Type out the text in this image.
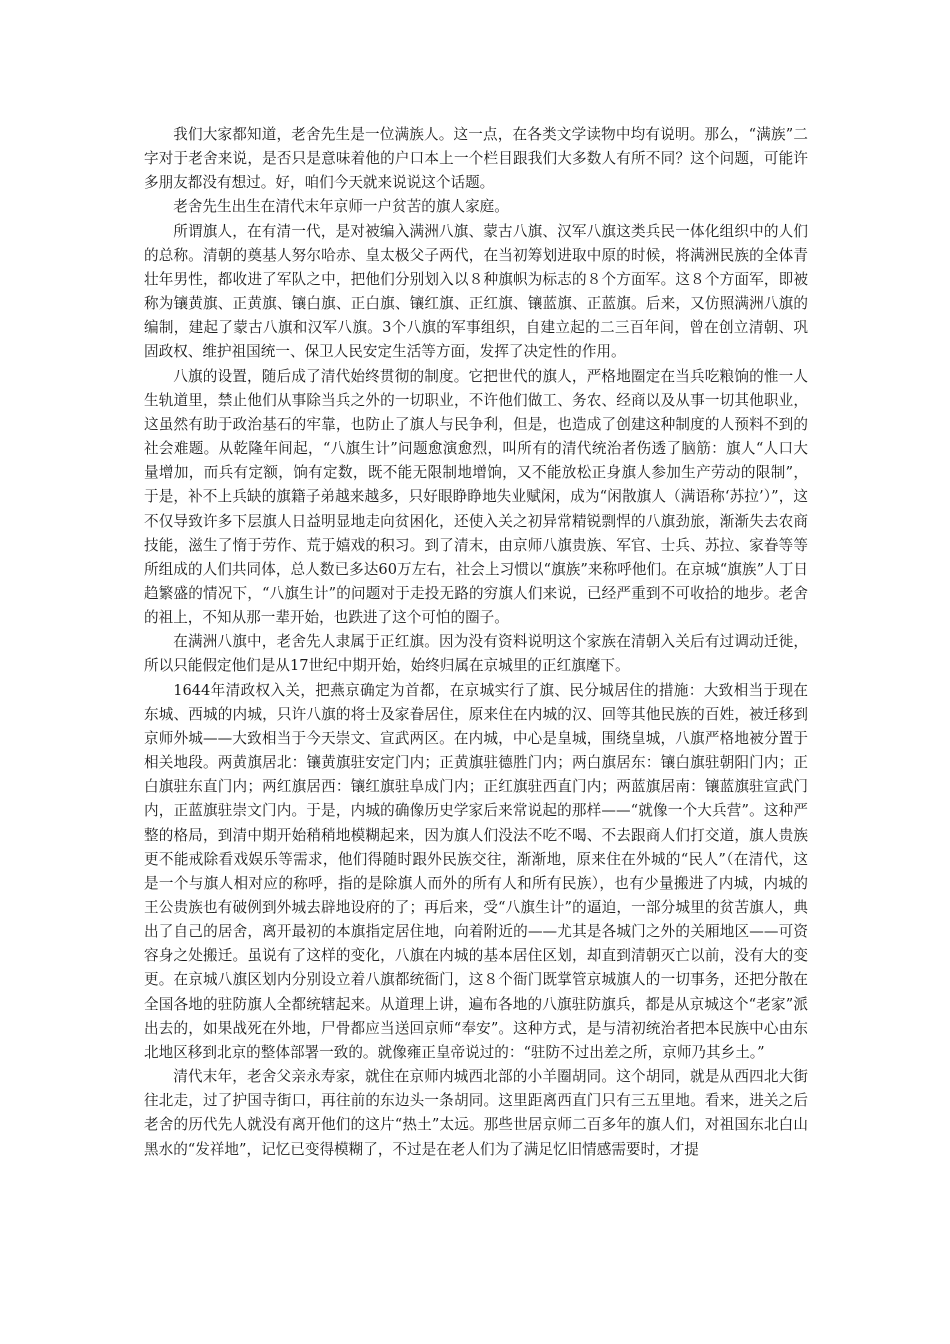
我们大家都知道，老舍先生是一位满族人。这一点，在各类文学读物中均有说明。那么，“满族”二字对于老舍来说，是否只是意味着他的户口本上一个栏目跟我们大多数人有所不同？这个问题，可能许多朋友都没有想过。好，咱们今天就来说说这个话题。

老舍先生出生在清代末年京师一户贫苦的旗人家庭。

所谓旗人，在有清一代，是对被编入满洲八旗、蒙古八旗、汉军八旗这类兵民一体化组织中的人们的总称。清朝的奠基人努尔哈赤、皇太极父子两代，在当初筹划进取中原的时候，将满洲民族的全体青壮年男性，都收进了军队之中，把他们分别划入以８种旗帜为标志的８个方面军。这８个方面军，即被称为镶黄旗、正黄旗、镶白旗、正白旗、镶红旗、正红旗、镶蓝旗、正蓝旗。后来，又仿照满洲八旗的编制，建起了蒙古八旗和汉军八旗。3个八旗的军事组织，自建立起的二三百年间，曾在创立清朝、巩固政权、维护祖国统一、保卫人民安定生活等方面，发挥了决定性的作用。

八旗的设置，随后成了清代始终贯彻的制度。它把世代的旗人，严格地圈定在当兵吃粮饷的惟一人生轨道里，禁止他们从事除当兵之外的一切职业，不许他们做工、务农、经商以及从事一切其他职业，这虽然有助于政治基石的牢靠，也防止了旗人与民争利，但是，也造成了创建这种制度的人预料不到的社会难题。从乾隆年间起，“八旗生计”问题愈演愈烈，叫所有的清代统治者伤透了脑筋：旗人“人口大量增加，而兵有定额，饷有定数，既不能无限制地增饷，又不能放松正身旗人参加生产劳动的限制”，于是，补不上兵缺的旗籍子弟越来越多，只好眼睁睁地失业赋闲，成为“闲散旗人（满语称‘苏拉’）”，这不仅导致许多下层旗人日益明显地走向贫困化，还使入关之初异常精锐剽悍的八旗劲旅，渐渐失去农商技能，滋生了惰于劳作、荒于嬉戏的积习。到了清末，由京师八旗贵族、军官、士兵、苏拉、家眷等等所组成的人们共同体，总人数已多达60万左右，社会上习惯以“旗族”来称呼他们。在京城“旗族”人丁日趋繁盛的情况下，“八旗生计”的问题对于走投无路的穷旗人们来说，已经严重到不可收拾的地步。老舍的祖上，不知从那一辈开始，也跌进了这个可怕的圈子。

在满洲八旗中，老舍先人隶属于正红旗。因为没有资料说明这个家族在清朝入关后有过调动迁徙，所以只能假定他们是从17世纪中期开始，始终归属在京城里的正红旗麾下。

1644年清政权入关，把燕京确定为首都，在京城实行了旗、民分城居住的措施：大致相当于现在东城、西城的内城，只许八旗的将士及家眷居住，原来住在内城的汉、回等其他民族的百姓，被迁移到京师外城——大致相当于今天崇文、宣武两区。在内城，中心是皇城，围绕皇城，八旗严格地被分置于相关地段。两黄旗居北：镶黄旗驻安定门内；正黄旗驻德胜门内；两白旗居东：镶白旗驻朝阳门内；正白旗驻东直门内；两红旗居西：镶红旗驻阜成门内；正红旗驻西直门内；两蓝旗居南：镶蓝旗驻宣武门内，正蓝旗驻崇文门内。于是，内城的确像历史学家后来常说起的那样——“就像一个大兵营”。这种严整的格局，到清中期开始稍稍地模糊起来，因为旗人们没法不吃不喝、不去跟商人们打交道，旗人贵族更不能戒除看戏娱乐等需求，他们得随时跟外民族交往，渐渐地，原来住在外城的“民人”（在清代，这是一个与旗人相对应的称呼，指的是除旗人而外的所有人和所有民族），也有少量搬进了内城，内城的王公贵族也有破例到外城去辟地设府的了；再后来，受“八旗生计”的逼迫，一部分城里的贫苦旗人，典出了自己的居舍，离开最初的本旗指定居住地，向着附近的——尤其是各城门之外的关厢地区——可资容身之处搬迁。虽说有了这样的变化，八旗在内城的基本居住区划，却直到清朝灭亡以前，没有大的变更。在京城八旗区划内分别设立着八旗都统衙门，这８个衙门既掌管京城旗人的一切事务，还把分散在全国各地的驻防旗人全都统辖起来。从道理上讲，遍布各地的八旗驻防旗兵，都是从京城这个“老家”派出去的，如果战死在外地，尸骨都应当送回京师“奉安”。这种方式，是与清初统治者把本民族中心由东北地区移到北京的整体部署一致的。就像雍正皇帝说过的：“驻防不过出差之所，京师乃其乡土。”

清代末年，老舍父亲永寿家，就住在京师内城西北部的小羊圈胡同。这个胡同，就是从西四北大街往北走，过了护国寺街口，再往前的东边头一条胡同。这里距离西直门只有三五里地。看来，进关之后老舍的历代先人就没有离开他们的这片“热土”太远。那些世居京师二百多年的旗人们，对祖国东北白山黑水的“发祥地”，记忆已变得模糊了，不过是在老人们为了满足忆旧情感需要时，才提
